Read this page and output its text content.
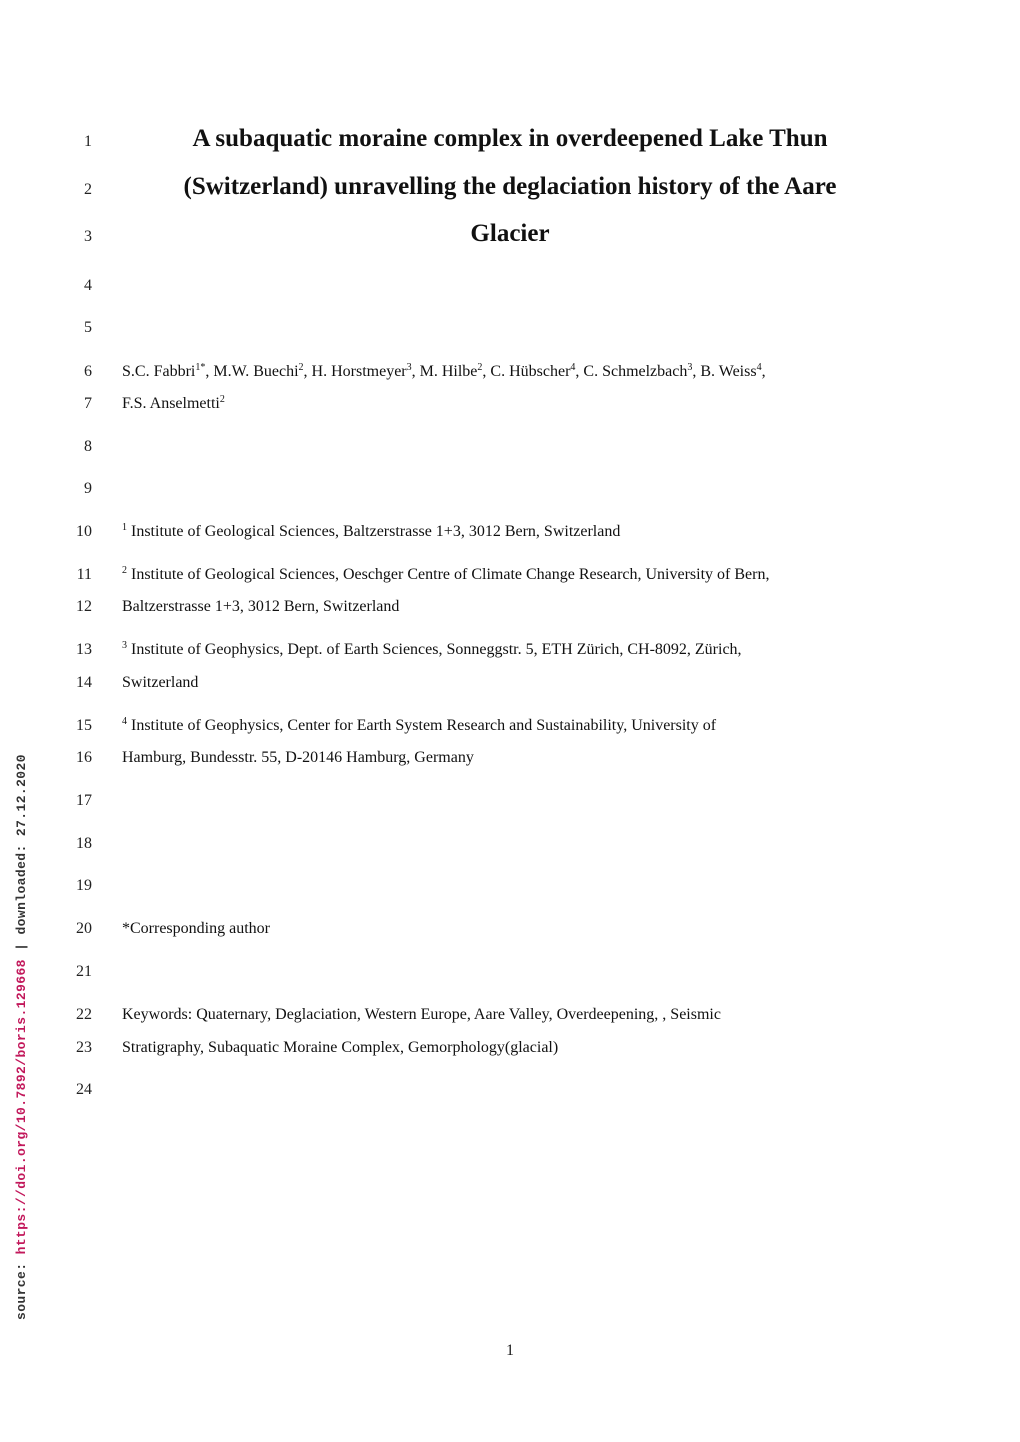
A subaquatic moraine complex in overdeepened Lake Thun
(Switzerland) unravelling the deglaciation history of the Aare
Glacier
1
2
3
4
5
6
7
8
9
10
11
12
13
14
15
16
17
18
19
20
21
22
23
24
S.C. Fabbri$^{1*}$, M.W. Buechi$^2$, H. Horstmeyer$^3$, M. Hilbe$^2$, C. Hübscher$^4$, C. Schmelzbach$^3$, B. Weiss$^4$,
F.S. Anselmetti$^2$
$^1$ Institute of Geological Sciences, Baltzerstrasse 1+3, 3012 Bern, Switzerland
$^2$ Institute of Geological Sciences, Oeschger Centre of Climate Change Research, University of Bern,
Baltzerstrasse 1+3, 3012 Bern, Switzerland
$^3$ Institute of Geophysics, Dept. of Earth Sciences, Sonneggstr. 5, ETH Zürich, CH-8092, Zürich,
Switzerland
$^4$ Institute of Geophysics, Center for Earth System Research and Sustainability, University of
Hamburg, Bundesstr. 55, D-20146 Hamburg, Germany
*Corresponding author
Keywords: Quaternary, Deglaciation, Western Europe, Aare Valley, Overdeepening, , Seismic
Stratigraphy, Subaquatic Moraine Complex, Gemorphology(glacial)
source: https://doi.org/10.7892/boris.129668 | downloaded: 27.12.2020
1
